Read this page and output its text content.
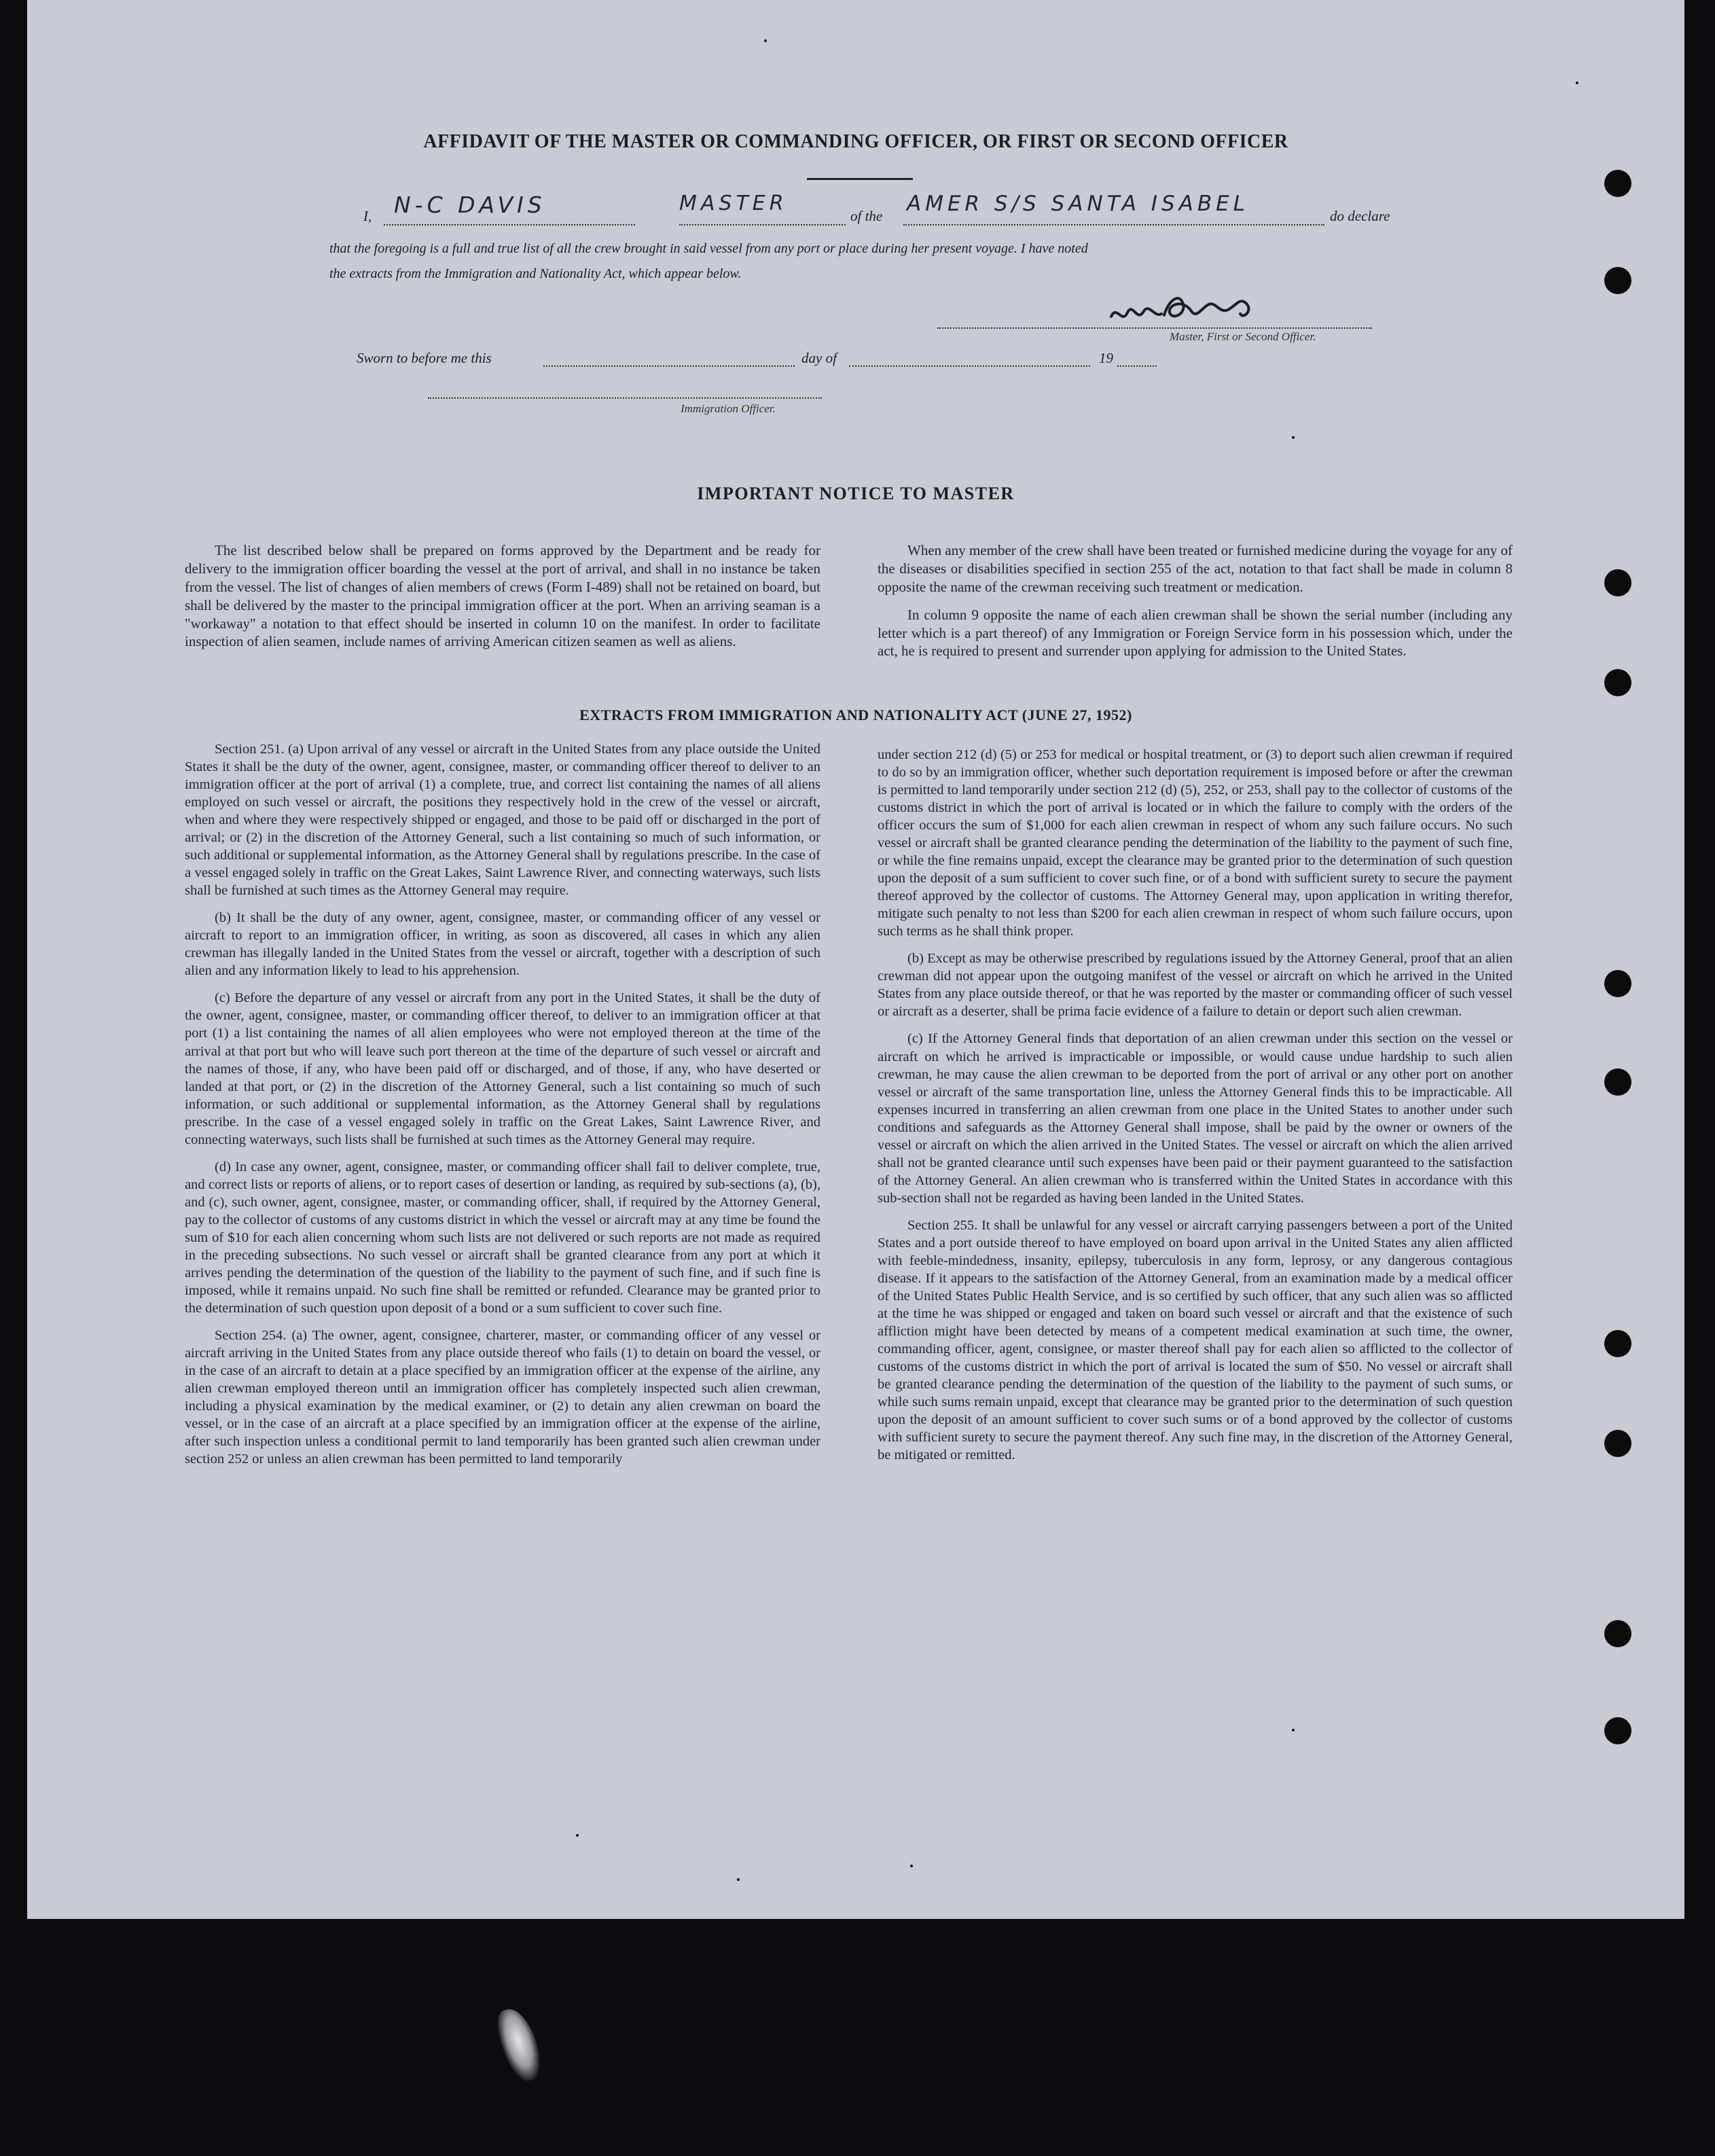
AFFIDAVIT OF THE MASTER OR COMMANDING OFFICER, OR FIRST OR SECOND OFFICER
I, N-C DAVIS	MASTER
of the AMER S/S SANTA ISABEL	do declare
that the foregoing is a full and true list of all the crew brought in said vessel from any port or place during her present voyage. I have noted
the extracts from the Immigration and Nationality Act, which appear below.
Master, First or Second Officer.
Sworn to before me this	day of	19
Immigration Officer.
IMPORTANT NOTICE TO MASTER

The list described below shall be prepared on forms approved by the Department and be ready for delivery to the immigration officer boarding the vessel at the port of arrival, and shall in no instance be taken from the vessel. The list of changes of alien members of crews (Form I-489) shall not be retained on board, but shall be delivered by the master to the principal immigration officer at the port. When an arriving seaman is a "workaway" a notation to that effect should be inserted in column 10 on the manifest. In order to facilitate inspection of alien seamen, include names of arriving American citizen seamen as well as aliens.

When any member of the crew shall have been treated or furnished medicine during the voyage for any of the diseases or disabilities specified in section 255 of the act, notation to that fact shall be made in column 8 opposite the name of the crewman receiving such treatment or medication.

In column 9 opposite the name of each alien crewman shall be shown the serial number (including any letter which is a part thereof) of any Immigration or Foreign Service form in his possession which, under the act, he is required to present and surrender upon applying for admission to the United States.

EXTRACTS FROM IMMIGRATION AND NATIONALITY ACT (JUNE 27, 1952)

Section 251. (a) Upon arrival of any vessel or aircraft in the United States from any place outside the United States it shall be the duty of the owner, agent, consignee, master, or commanding officer thereof to deliver to an immigration officer at the port of arrival (1) a complete, true, and correct list containing the names of all aliens employed on such vessel or aircraft, the positions they respectively hold in the crew of the vessel or aircraft, when and where they were respectively shipped or engaged, and those to be paid off or discharged in the port of arrival; or (2) in the discretion of the Attorney General, such a list containing so much of such information, or such additional or supplemental information, as the Attorney General shall by regulations prescribe. In the case of a vessel engaged solely in traffic on the Great Lakes, Saint Lawrence River, and connecting waterways, such lists shall be furnished at such times as the Attorney General may require.

(b) It shall be the duty of any owner, agent, consignee, master, or commanding officer of any vessel or aircraft to report to an immigration officer, in writing, as soon as discovered, all cases in which any alien crewman has illegally landed in the United States from the vessel or aircraft, together with a description of such alien and any information likely to lead to his apprehension.

(c) Before the departure of any vessel or aircraft from any port in the United States, it shall be the duty of the owner, agent, consignee, master, or commanding officer thereof, to deliver to an immigration officer at that port (1) a list containing the names of all alien employees who were not employed thereon at the time of the arrival at that port but who will leave such port thereon at the time of the departure of such vessel or aircraft and the names of those, if any, who have been paid off or discharged, and of those, if any, who have deserted or landed at that port, or (2) in the discretion of the Attorney General, such a list containing so much of such information, or such additional or supplemental information, as the Attorney General shall by regulations prescribe. In the case of a vessel engaged solely in traffic on the Great Lakes, Saint Lawrence River, and connecting waterways, such lists shall be furnished at such times as the Attorney General may require.

(d) In case any owner, agent, consignee, master, or commanding officer shall fail to deliver complete, true, and correct lists or reports of aliens, or to report cases of desertion or landing, as required by sub-sections (a), (b), and (c), such owner, agent, consignee, master, or commanding officer, shall, if required by the Attorney General, pay to the collector of customs of any customs district in which the vessel or aircraft may at any time be found the sum of $10 for each alien concerning whom such lists are not delivered or such reports are not made as required in the preceding subsections. No such vessel or aircraft shall be granted clearance from any port at which it arrives pending the determination of the question of the liability to the payment of such fine, and if such fine is imposed, while it remains unpaid. No such fine shall be remitted or refunded. Clearance may be granted prior to the determination of such question upon deposit of a bond or a sum sufficient to cover such fine.

Section 254. (a) The owner, agent, consignee, charterer, master, or commanding officer of any vessel or aircraft arriving in the United States from any place outside thereof who fails (1) to detain on board the vessel, or in the case of an aircraft to detain at a place specified by an immigration officer at the expense of the airline, any alien crewman employed thereon until an immigration officer has completely inspected such alien crewman, including a physical examination by the medical examiner, or (2) to detain any alien crewman on board the vessel, or in the case of an aircraft at a place specified by an immigration officer at the expense of the airline, after such inspection unless a conditional permit to land temporarily has been granted such alien crewman under section 252 or unless an alien crewman has been permitted to land temporarily

under section 212 (d) (5) or 253 for medical or hospital treatment, or (3) to deport such alien crewman if required to do so by an immigration officer, whether such deportation requirement is imposed before or after the crewman is permitted to land temporarily under section 212 (d) (5), 252, or 253, shall pay to the collector of customs of the customs district in which the port of arrival is located or in which the failure to comply with the orders of the officer occurs the sum of $1,000 for each alien crewman in respect of whom any such failure occurs. No such vessel or aircraft shall be granted clearance pending the determination of the liability to the payment of such fine, or while the fine remains unpaid, except the clearance may be granted prior to the determination of such question upon the deposit of a sum sufficient to cover such fine, or of a bond with sufficient surety to secure the payment thereof approved by the collector of customs. The Attorney General may, upon application in writing therefor, mitigate such penalty to not less than $200 for each alien crewman in respect of whom such failure occurs, upon such terms as he shall think proper.

(b) Except as may be otherwise prescribed by regulations issued by the Attorney General, proof that an alien crewman did not appear upon the outgoing manifest of the vessel or aircraft on which he arrived in the United States from any place outside thereof, or that he was reported by the master or commanding officer of such vessel or aircraft as a deserter, shall be prima facie evidence of a failure to detain or deport such alien crewman.

(c) If the Attorney General finds that deportation of an alien crewman under this section on the vessel or aircraft on which he arrived is impracticable or impossible, or would cause undue hardship to such alien crewman, he may cause the alien crewman to be deported from the port of arrival or any other port on another vessel or aircraft of the same transportation line, unless the Attorney General finds this to be impracticable. All expenses incurred in transferring an alien crewman from one place in the United States to another under such conditions and safeguards as the Attorney General shall impose, shall be paid by the owner or owners of the vessel or aircraft on which the alien arrived in the United States. The vessel or aircraft on which the alien arrived shall not be granted clearance until such expenses have been paid or their payment guaranteed to the satisfaction of the Attorney General. An alien crewman who is transferred within the United States in accordance with this sub-section shall not be regarded as having been landed in the United States.

Section 255. It shall be unlawful for any vessel or aircraft carrying passengers between a port of the United States and a port outside thereof to have employed on board upon arrival in the United States any alien afflicted with feeble-mindedness, insanity, epilepsy, tuberculosis in any form, leprosy, or any dangerous contagious disease. If it appears to the satisfaction of the Attorney General, from an examination made by a medical officer of the United States Public Health Service, and is so certified by such officer, that any such alien was so afflicted at the time he was shipped or engaged and taken on board such vessel or aircraft and that the existence of such affliction might have been detected by means of a competent medical examination at such time, the owner, commanding officer, agent, consignee, or master thereof shall pay for each alien so afflicted to the collector of customs of the customs district in which the port of arrival is located the sum of $50. No vessel or aircraft shall be granted clearance pending the determination of the question of the liability to the payment of such sums, or while such sums remain unpaid, except that clearance may be granted prior to the determination of such question upon the deposit of an amount sufficient to cover such sums or of a bond approved by the collector of customs with sufficient surety to secure the payment thereof. Any such fine may, in the discretion of the Attorney General, be mitigated or remitted.
